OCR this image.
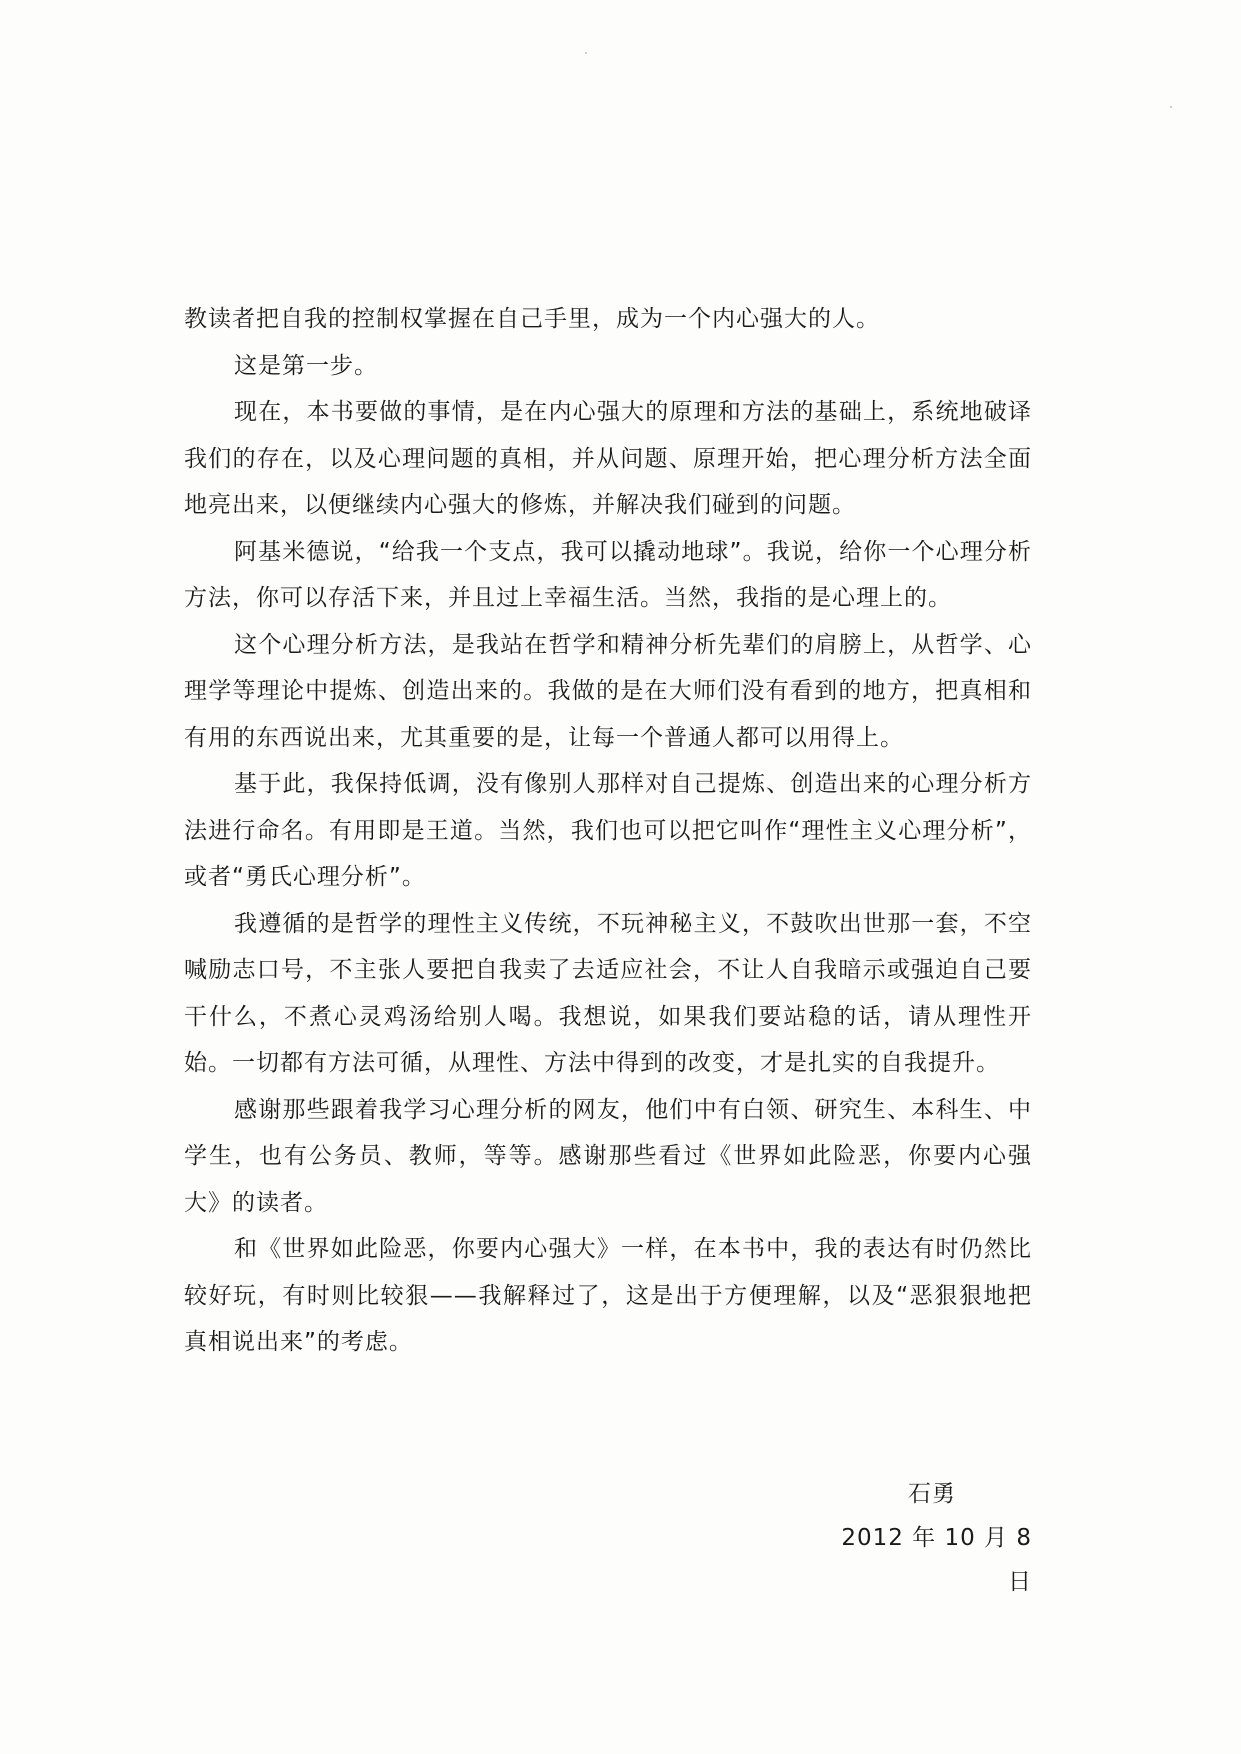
教读者把自我的控制权掌握在自己手里，成为一个内心强大的人。

这是第一步。

现在，本书要做的事情，是在内心强大的原理和方法的基础上，系统地破译我们的存在，以及心理问题的真相，并从问题、原理开始，把心理分析方法全面地亮出来，以便继续内心强大的修炼，并解决我们碰到的问题。

阿基米德说，“给我一个支点，我可以撬动地球”。我说，给你一个心理分析方法，你可以存活下来，并且过上幸福生活。当然，我指的是心理上的。

这个心理分析方法，是我站在哲学和精神分析先辈们的肩膀上，从哲学、心理学等理论中提炼、创造出来的。我做的是在大师们没有看到的地方，把真相和有用的东西说出来，尤其重要的是，让每一个普通人都可以用得上。

基于此，我保持低调，没有像别人那样对自己提炼、创造出来的心理分析方法进行命名。有用即是王道。当然，我们也可以把它叫作“理性主义心理分析”，或者“勇氏心理分析”。

我遵循的是哲学的理性主义传统，不玩神秘主义，不鼓吹出世那一套，不空喊励志口号，不主张人要把自我卖了去适应社会，不让人自我暗示或强迫自己要干什么，不煮心灵鸡汤给别人喝。我想说，如果我们要站稳的话，请从理性开始。一切都有方法可循，从理性、方法中得到的改变，才是扎实的自我提升。

感谢那些跟着我学习心理分析的网友，他们中有白领、研究生、本科生、中学生，也有公务员、教师，等等。感谢那些看过《世界如此险恶，你要内心强大》的读者。

和《世界如此险恶，你要内心强大》一样，在本书中，我的表达有时仍然比较好玩，有时则比较狠——我解释过了，这是出于方便理解，以及“恶狠狠地把真相说出来”的考虑。

石勇
2012 年 10 月 8 日
